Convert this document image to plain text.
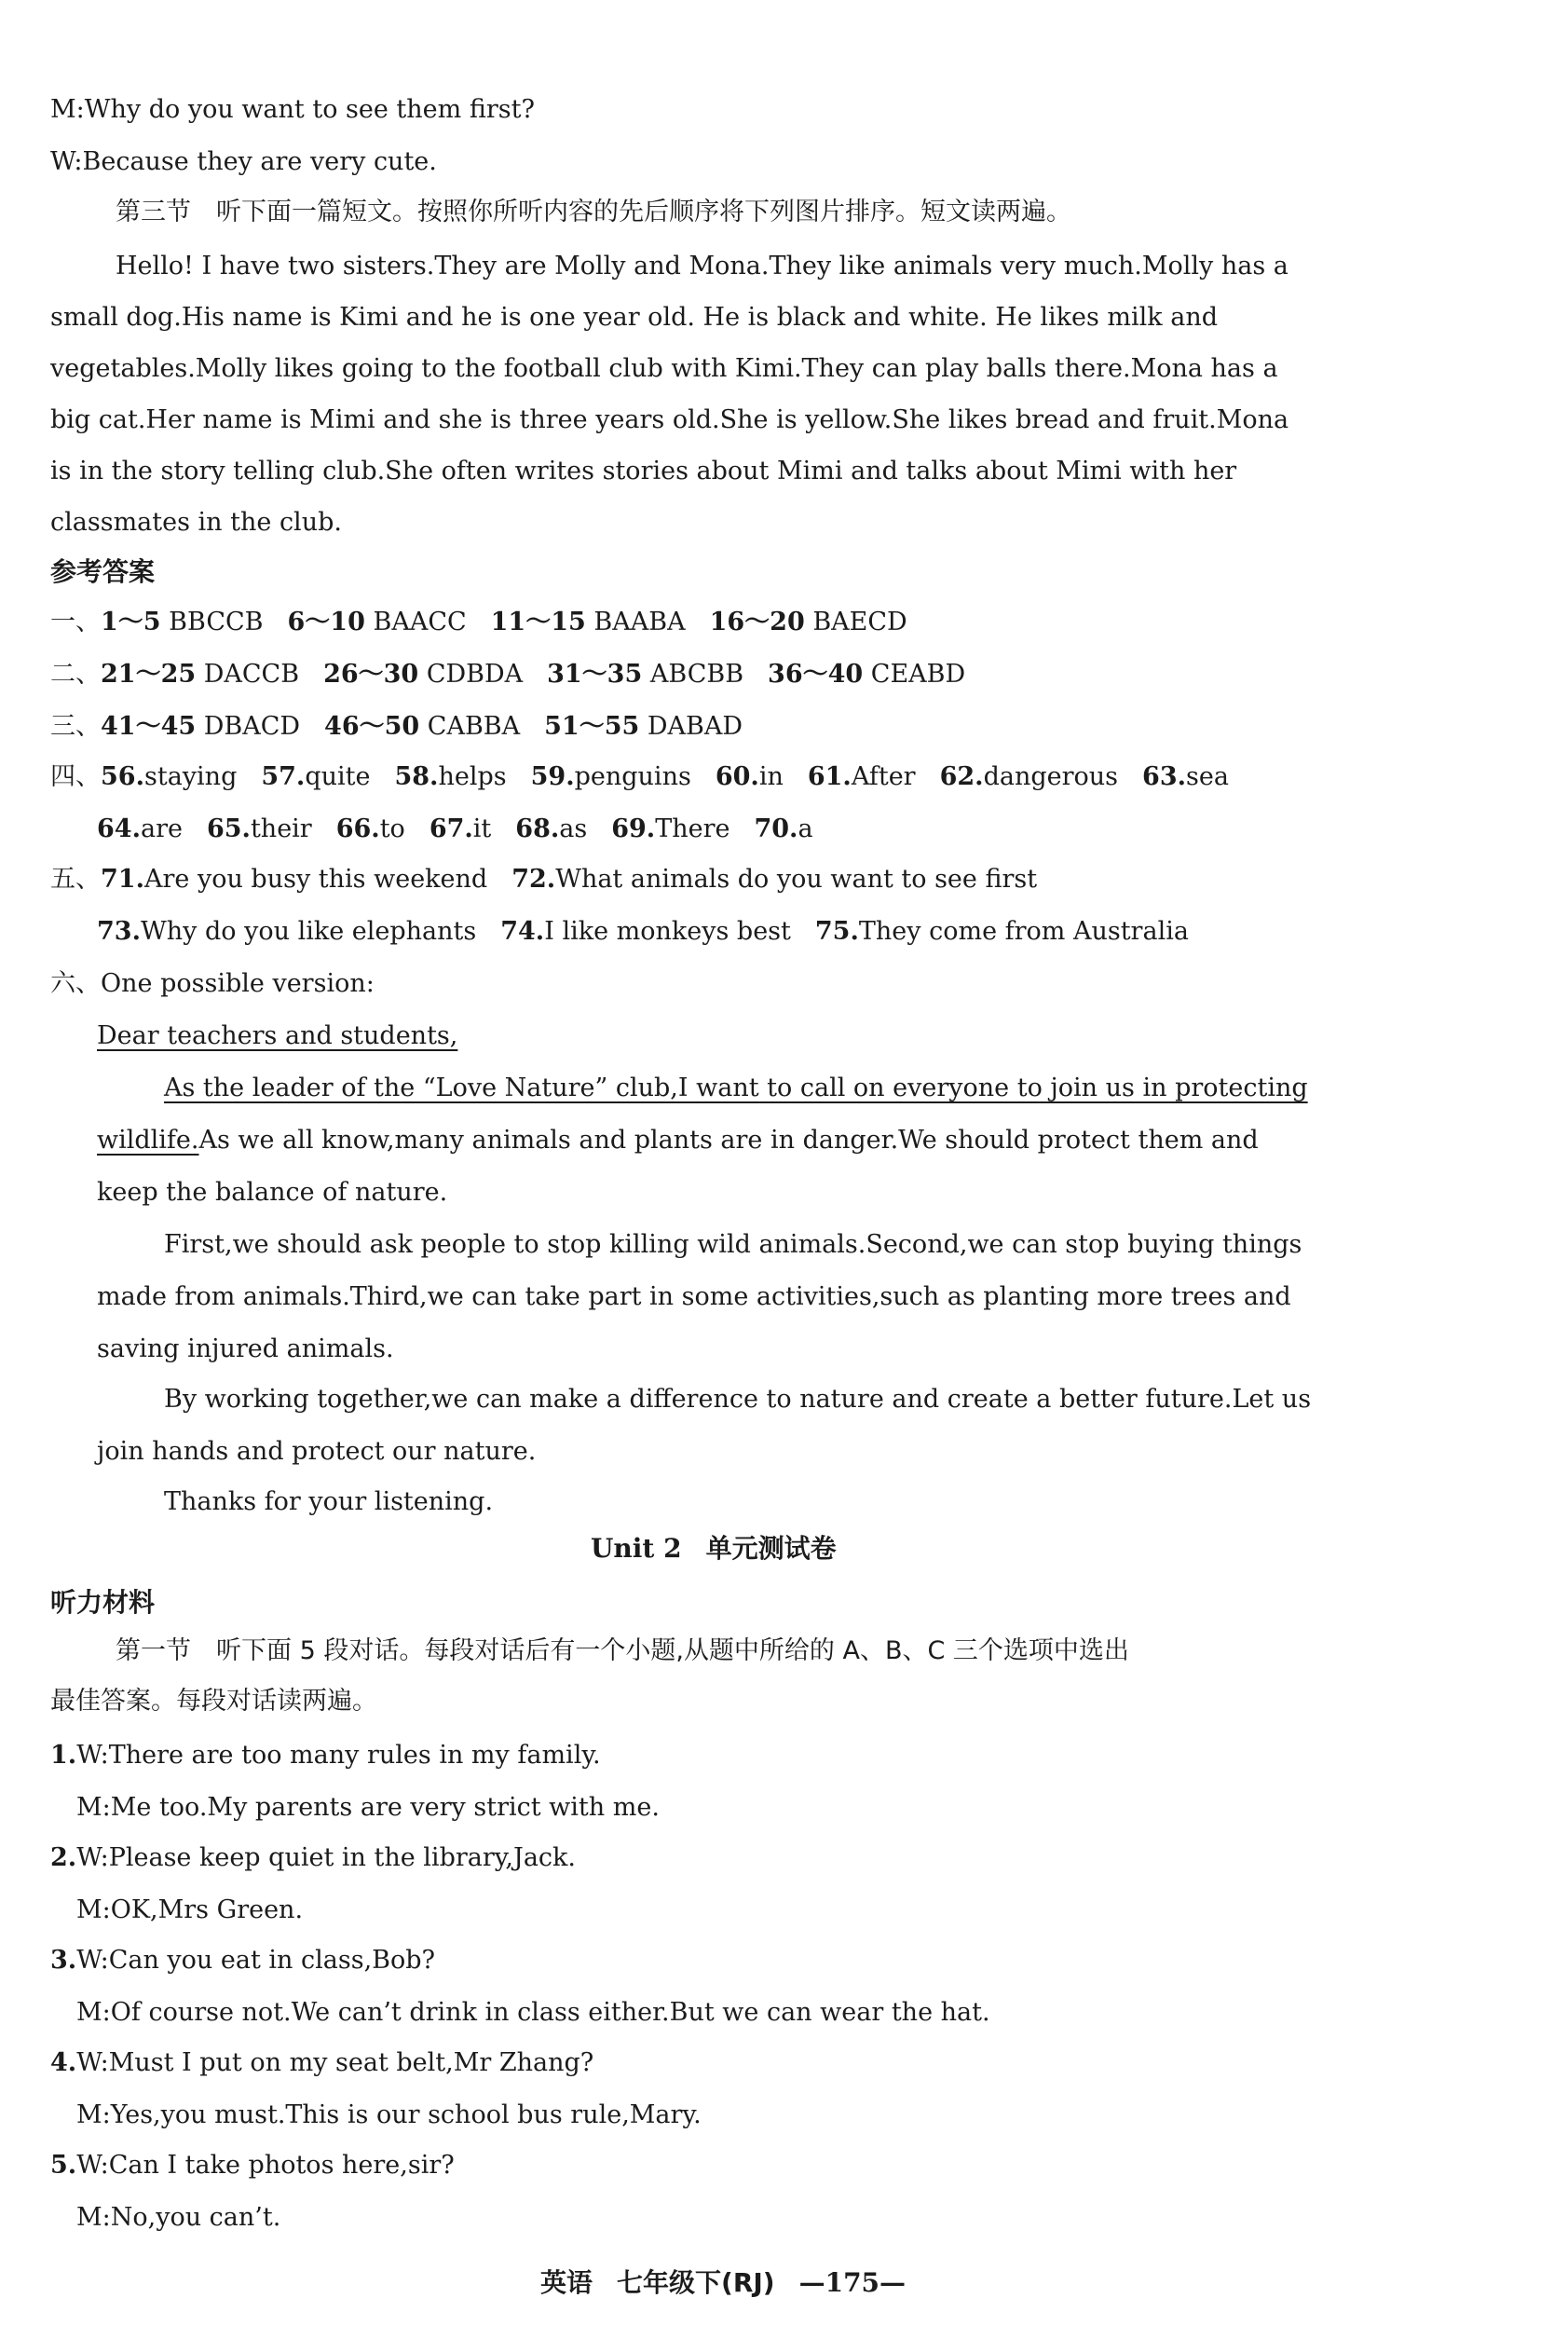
M:Why do you want to see them first?
W:Because they are very cute.
第三节　听下面一篇短文。按照你所听内容的先后顺序将下列图片排序。短文读两遍。
Hello! I have two sisters.They are Molly and Mona.They like animals very much.Molly has a
small dog.His name is Kimi and he is one year old. He is black and white. He likes milk and
vegetables.Molly likes going to the football club with Kimi.They can play balls there.Mona has a
big cat.Her name is Mimi and she is three years old.She is yellow.She likes bread and fruit.Mona
is in the story telling club.She often writes stories about Mimi and talks about Mimi with her
classmates in the club.
参考答案
一、1～5 BBCCB 6～10 BAACC 11～15 BAABA 16～20 BAECD
二、21～25 DACCB 26～30 CDBDA 31～35 ABCBB 36～40 CEABD
三、41～45 DBACD 46～50 CABBA 51～55 DABAD
四、56.staying 57.quite 58.helps 59.penguins 60.in 61.After 62.dangerous 63.sea
64.are 65.their 66.to 67.it 68.as 69.There 70.a
五、71.Are you busy this weekend 72.What animals do you want to see first
73.Why do you like elephants 74.I like monkeys best 75.They come from Australia
六、One possible version:
Dear teachers and students,
As the leader of the “Love Nature” club,I want to call on everyone to join us in protecting
wildlife.As we all know,many animals and plants are in danger.We should protect them and
keep the balance of nature.
First,we should ask people to stop killing wild animals.Second,we can stop buying things
made from animals.Third,we can take part in some activities,such as planting more trees and
saving injured animals.
By working together,we can make a difference to nature and create a better future.Let us
join hands and protect our nature.
Thanks for your listening.
Unit 2 单元测试卷
听力材料
第一节　听下面 5 段对话。每段对话后有一个小题,从题中所给的 A、B、C 三个选项中选出
最佳答案。每段对话读两遍。
1.W:There are too many rules in my family.
M:Me too.My parents are very strict with me.
2.W:Please keep quiet in the library,Jack.
M:OK,Mrs Green.
3.W:Can you eat in class,Bob?
M:Of course not.We can’t drink in class either.But we can wear the hat.
4.W:Must I put on my seat belt,Mr Zhang?
M:Yes,you must.This is our school bus rule,Mary.
5.W:Can I take photos here,sir?
M:No,you can’t.
英语 七年级下(RJ) —175—
